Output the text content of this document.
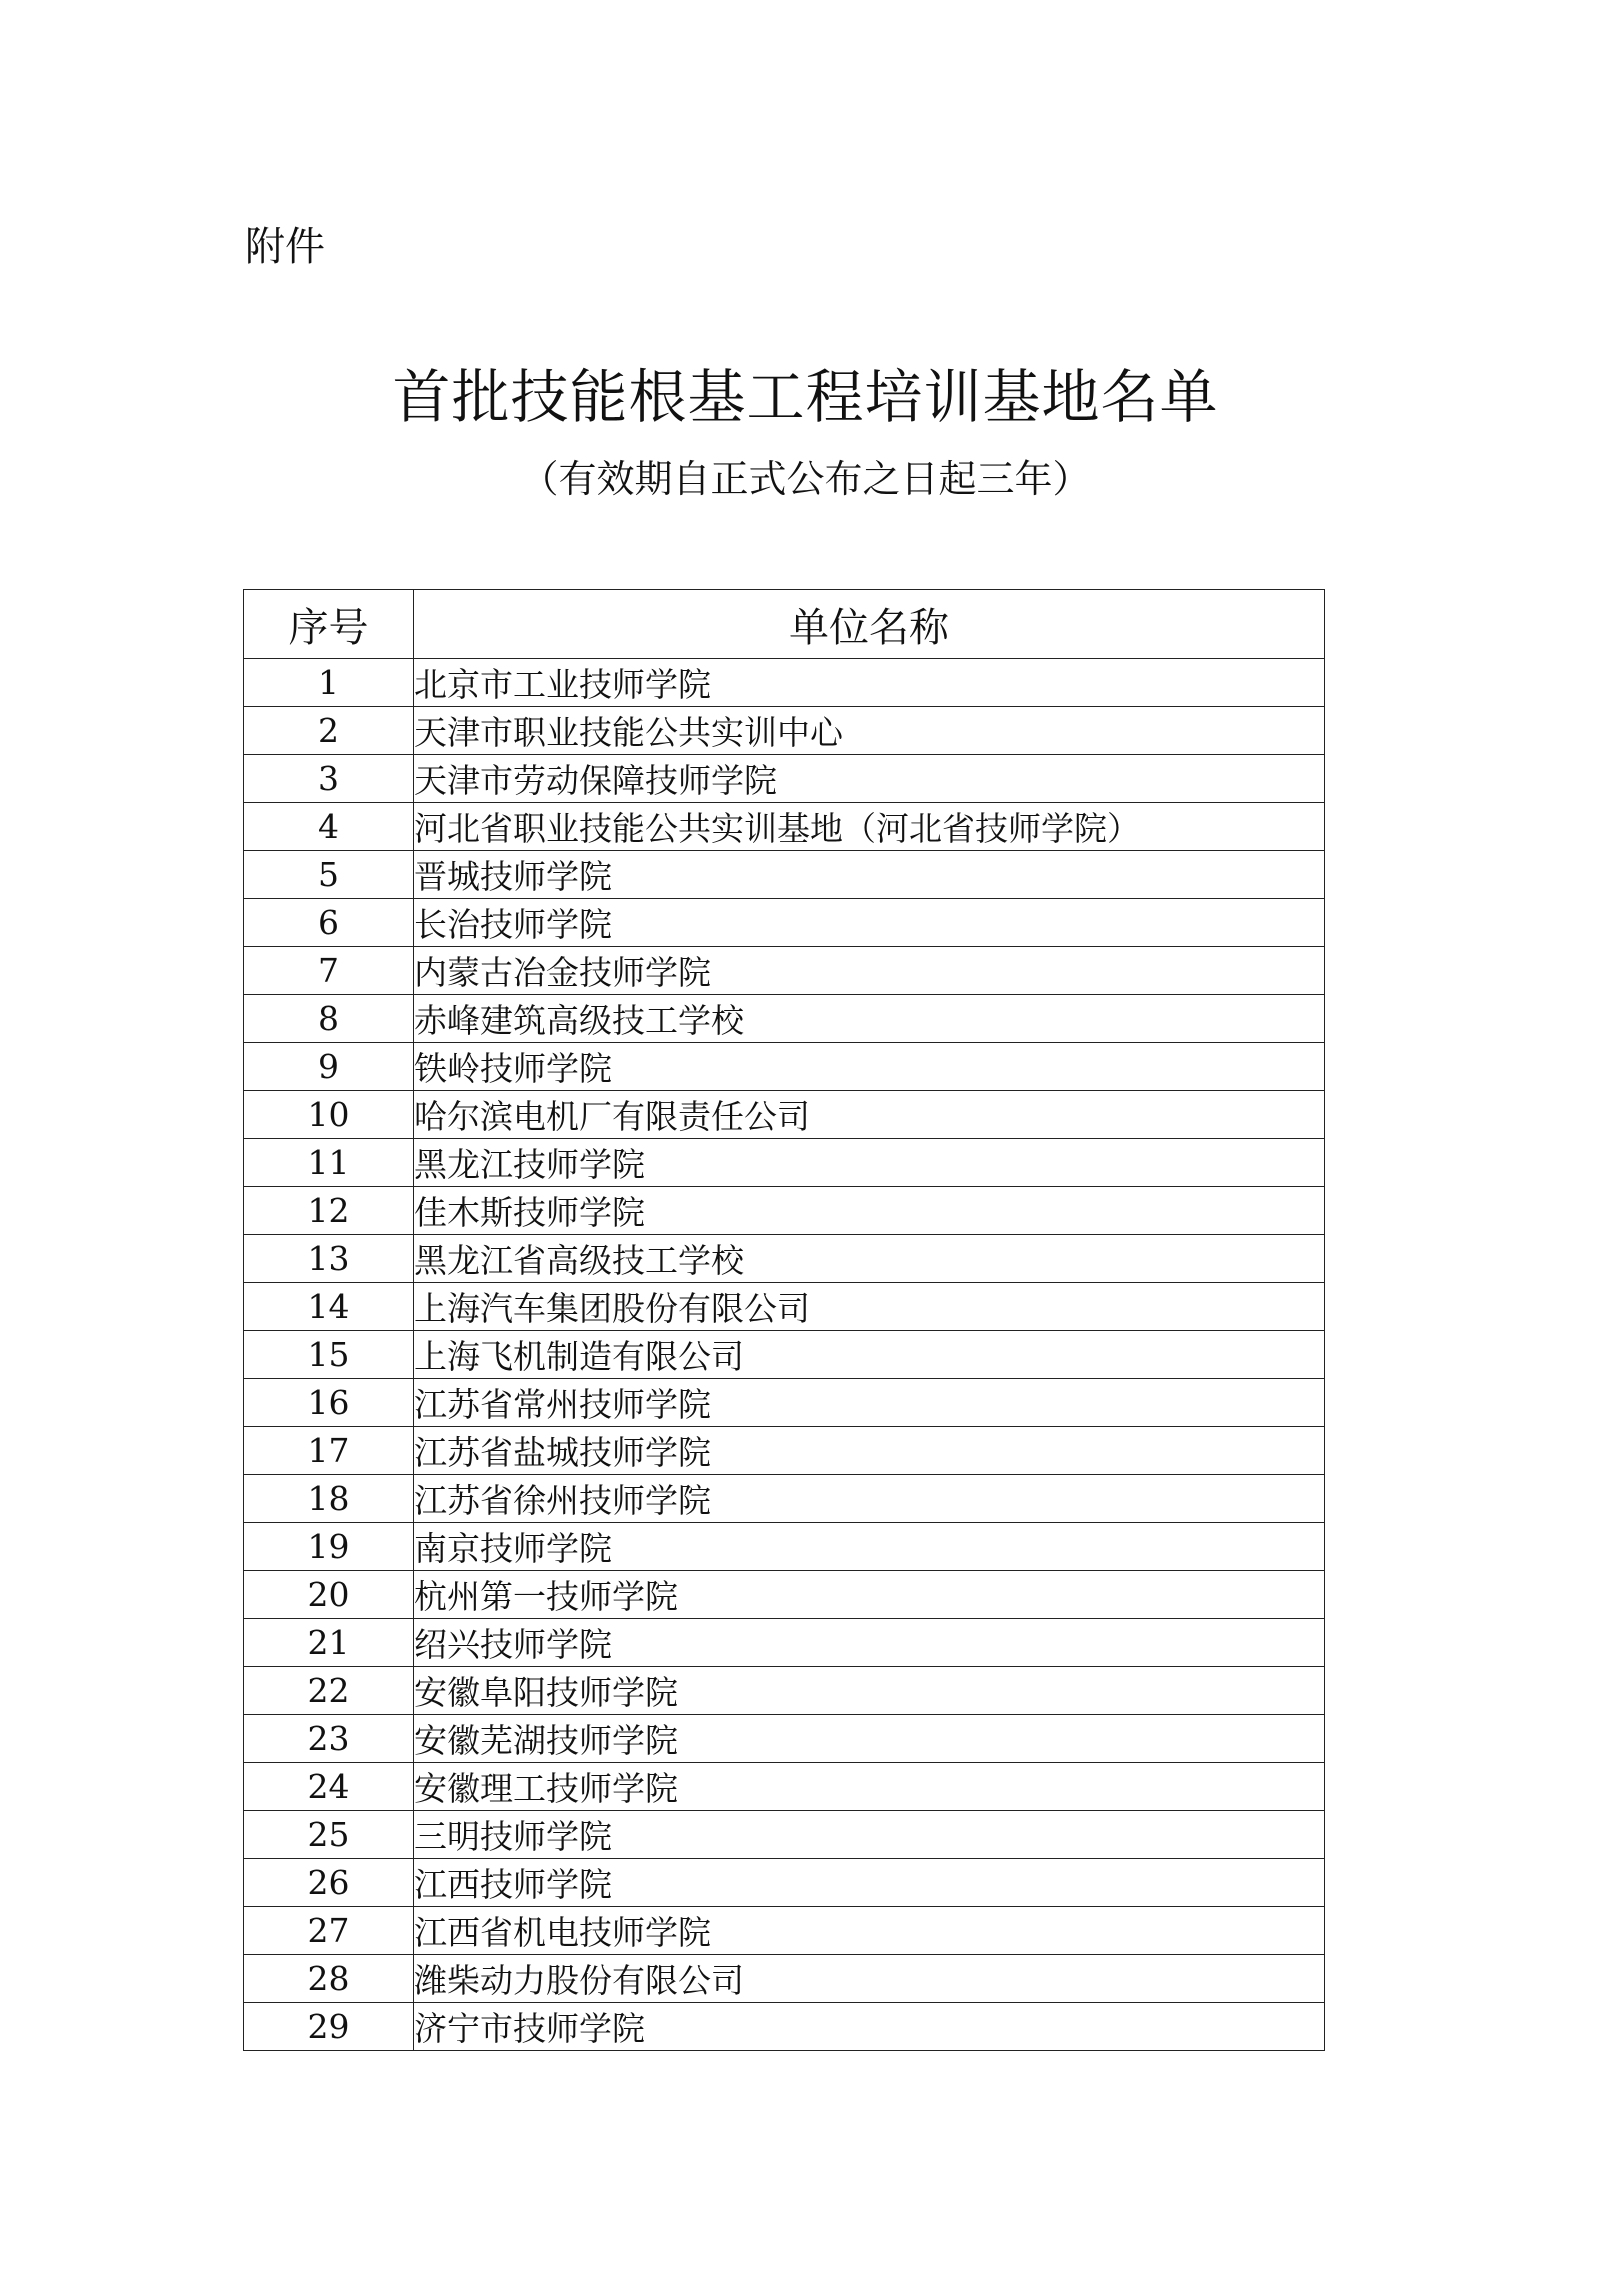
附件

首批技能根基工程培训基地名单

（有效期自正式公布之日起三年）

序号	单位名称
1	北京市工业技师学院
2	天津市职业技能公共实训中心
3	天津市劳动保障技师学院
4	河北省职业技能公共实训基地（河北省技师学院）
5	晋城技师学院
6	长治技师学院
7	内蒙古冶金技师学院
8	赤峰建筑高级技工学校
9	铁岭技师学院
10	哈尔滨电机厂有限责任公司
11	黑龙江技师学院
12	佳木斯技师学院
13	黑龙江省高级技工学校
14	上海汽车集团股份有限公司
15	上海飞机制造有限公司
16	江苏省常州技师学院
17	江苏省盐城技师学院
18	江苏省徐州技师学院
19	南京技师学院
20	杭州第一技师学院
21	绍兴技师学院
22	安徽阜阳技师学院
23	安徽芜湖技师学院
24	安徽理工技师学院
25	三明技师学院
26	江西技师学院
27	江西省机电技师学院
28	潍柴动力股份有限公司
29	济宁市技师学院
